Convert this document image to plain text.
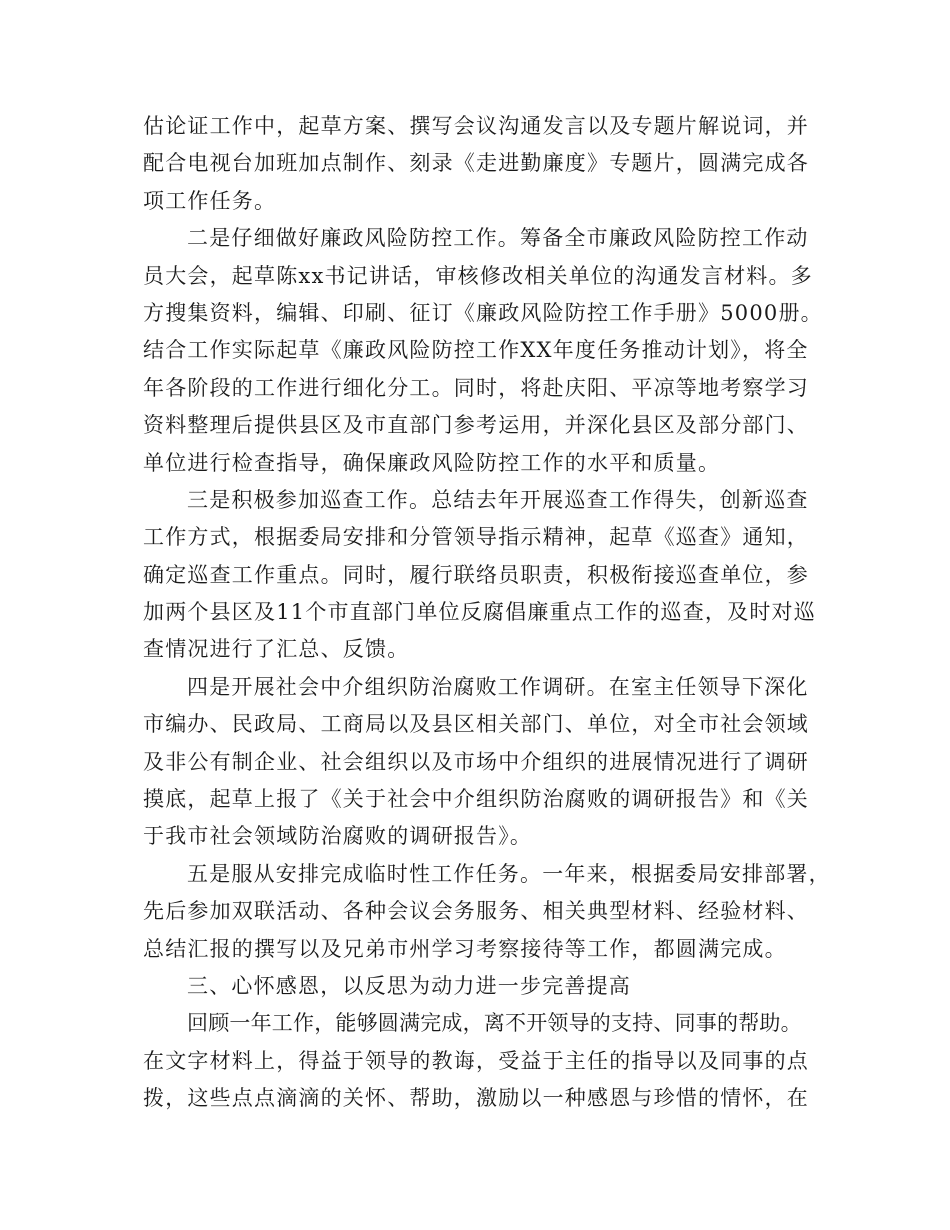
估论证工作中，起草方案、撰写会议沟通发言以及专题片解说词，并
配合电视台加班加点制作、刻录《走进勤廉度》专题片，圆满完成各
项工作任务。
二是仔细做好廉政风险防控工作。筹备全市廉政风险防控工作动
员大会，起草陈xx书记讲话，审核修改相关单位的沟通发言材料。多
方搜集资料，编辑、印刷、征订《廉政风险防控工作手册》5000册。
结合工作实际起草《廉政风险防控工作XX年度任务推动计划》，将全
年各阶段的工作进行细化分工。同时，将赴庆阳、平凉等地考察学习
资料整理后提供县区及市直部门参考运用，并深化县区及部分部门、
单位进行检查指导，确保廉政风险防控工作的水平和质量。
三是积极参加巡查工作。总结去年开展巡查工作得失，创新巡查
工作方式，根据委局安排和分管领导指示精神，起草《巡查》通知，
确定巡查工作重点。同时，履行联络员职责，积极衔接巡查单位，参
加两个县区及11个市直部门单位反腐倡廉重点工作的巡查，及时对巡
查情况进行了汇总、反馈。
四是开展社会中介组织防治腐败工作调研。在室主任领导下深化
市编办、民政局、工商局以及县区相关部门、单位，对全市社会领域
及非公有制企业、社会组织以及市场中介组织的进展情况进行了调研
摸底，起草上报了《关于社会中介组织防治腐败的调研报告》和《关
于我市社会领域防治腐败的调研报告》。
五是服从安排完成临时性工作任务。一年来，根据委局安排部署，
先后参加双联活动、各种会议会务服务、相关典型材料、经验材料、
总结汇报的撰写以及兄弟市州学习考察接待等工作，都圆满完成。
三、心怀感恩，以反思为动力进一步完善提高
回顾一年工作，能够圆满完成，离不开领导的支持、同事的帮助。
在文字材料上，得益于领导的教诲，受益于主任的指导以及同事的点
拨，这些点点滴滴的关怀、帮助，激励以一种感恩与珍惜的情怀，在
